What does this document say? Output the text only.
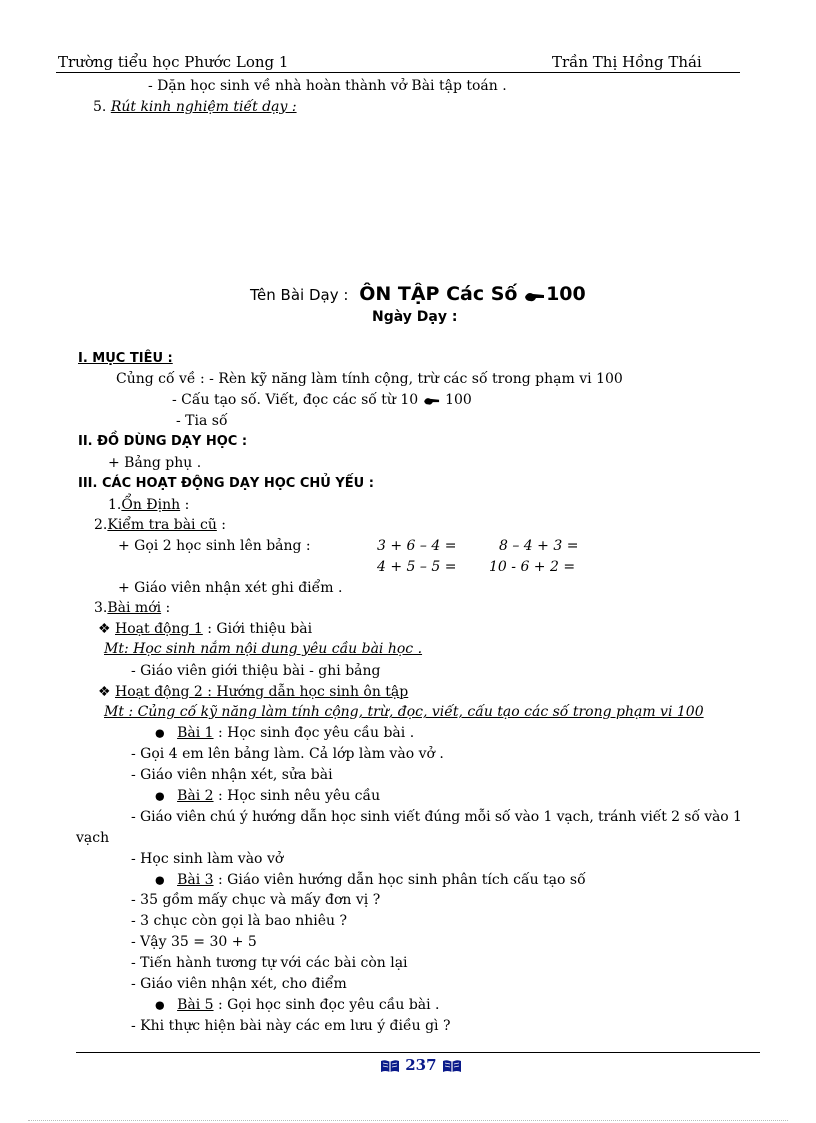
Trường tiểu học Phước Long 1	Trần Thị Hồng Thái
- Dặn học sinh về nhà hoàn thành vở Bài tập toán .
5. Rút kinh nghiệm tiết dạy :
Tên Bài Dạy : ÔN TẬP Các Số 100
Ngày Dạy :
I. MỤC TIÊU :
Củng cố về : - Rèn kỹ năng làm tính cộng, trừ các số trong phạm vi 100
- Cấu tạo số. Viết, đọc các số từ 10  100
- Tia số
II. ĐỒ DÙNG DẠY HỌC :
+ Bảng phụ .
III. CÁC HOẠT ĐỘNG DẠY HỌC CHỦ YẾU :
1.Ổn Định :
2.Kiểm tra bài cũ :
+ Gọi 2 học sinh lên bảng :	3 + 6 – 4 =	8 – 4 + 3 =
4 + 5 – 5 = 10 - 6 + 2 =
+ Giáo viên nhận xét ghi điểm .
3.Bài mới :
❖ Hoạt động 1 : Giới thiệu bài
Mt: Học sinh nắm nội dung yêu cầu bài học .
- Giáo viên giới thiệu bài - ghi bảng
❖ Hoạt động 2 : Hướng dẫn học sinh ôn tập
Mt : Củng cố kỹ năng làm tính cộng, trừ, đọc, viết, cấu tạo các số trong phạm vi 100
● Bài 1 : Học sinh đọc yêu cầu bài .
- Gọi 4 em lên bảng làm. Cả lớp làm vào vở .
- Giáo viên nhận xét, sửa bài
● Bài 2 : Học sinh nêu yêu cầu
- Giáo viên chú ý hướng dẫn học sinh viết đúng mỗi số vào 1 vạch, tránh viết 2 số vào 1
vạch
- Học sinh làm vào vở
● Bài 3 : Giáo viên hướng dẫn học sinh phân tích cấu tạo số
- 35 gồm mấy chục và mấy đơn vị ?
- 3 chục còn gọi là bao nhiêu ?
- Vậy 35 = 30 + 5
- Tiến hành tương tự với các bài còn lại
- Giáo viên nhận xét, cho điểm
● Bài 5 : Gọi học sinh đọc yêu cầu bài .
- Khi thực hiện bài này các em lưu ý điều gì ?
237
